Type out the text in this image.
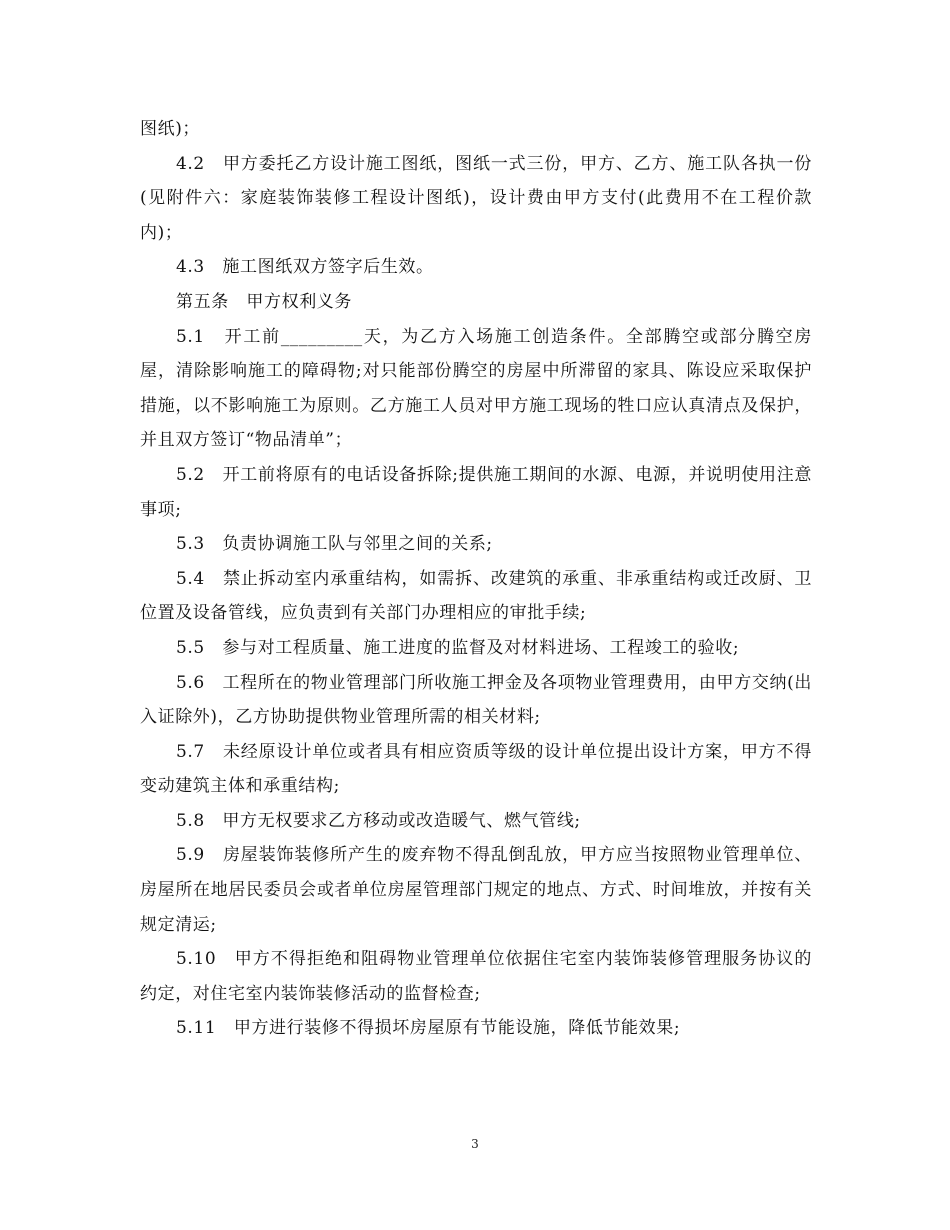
图纸)；

4.2　甲方委托乙方设计施工图纸，图纸一式三份，甲方、乙方、施工队各执一份(见附件六：家庭装饰装修工程设计图纸)，设计费由甲方支付(此费用不在工程价款内)；

4.3　施工图纸双方签字后生效。

第五条　甲方权利义务

5.1　开工前_________天，为乙方入场施工创造条件。全部腾空或部分腾空房屋，清除影响施工的障碍物;对只能部份腾空的房屋中所滞留的家具、陈设应采取保护措施，以不影响施工为原则。乙方施工人员对甲方施工现场的牲口应认真清点及保护，并且双方签订“物品清单”；

5.2　开工前将原有的电话设备拆除;提供施工期间的水源、电源，并说明使用注意事项;

5.3　负责协调施工队与邻里之间的关系;

5.4　禁止拆动室内承重结构，如需拆、改建筑的承重、非承重结构或迁改厨、卫位置及设备管线，应负责到有关部门办理相应的审批手续;

5.5　参与对工程质量、施工进度的监督及对材料进场、工程竣工的验收;

5.6　工程所在的物业管理部门所收施工押金及各项物业管理费用，由甲方交纳(出入证除外)，乙方协助提供物业管理所需的相关材料;

5.7　未经原设计单位或者具有相应资质等级的设计单位提出设计方案，甲方不得变动建筑主体和承重结构;

5.8　甲方无权要求乙方移动或改造暖气、燃气管线;

5.9　房屋装饰装修所产生的废弃物不得乱倒乱放，甲方应当按照物业管理单位、房屋所在地居民委员会或者单位房屋管理部门规定的地点、方式、时间堆放，并按有关规定清运;

5.10　甲方不得拒绝和阻碍物业管理单位依据住宅室内装饰装修管理服务协议的约定，对住宅室内装饰装修活动的监督检查;

5.11　甲方进行装修不得损坏房屋原有节能设施，降低节能效果;

3
